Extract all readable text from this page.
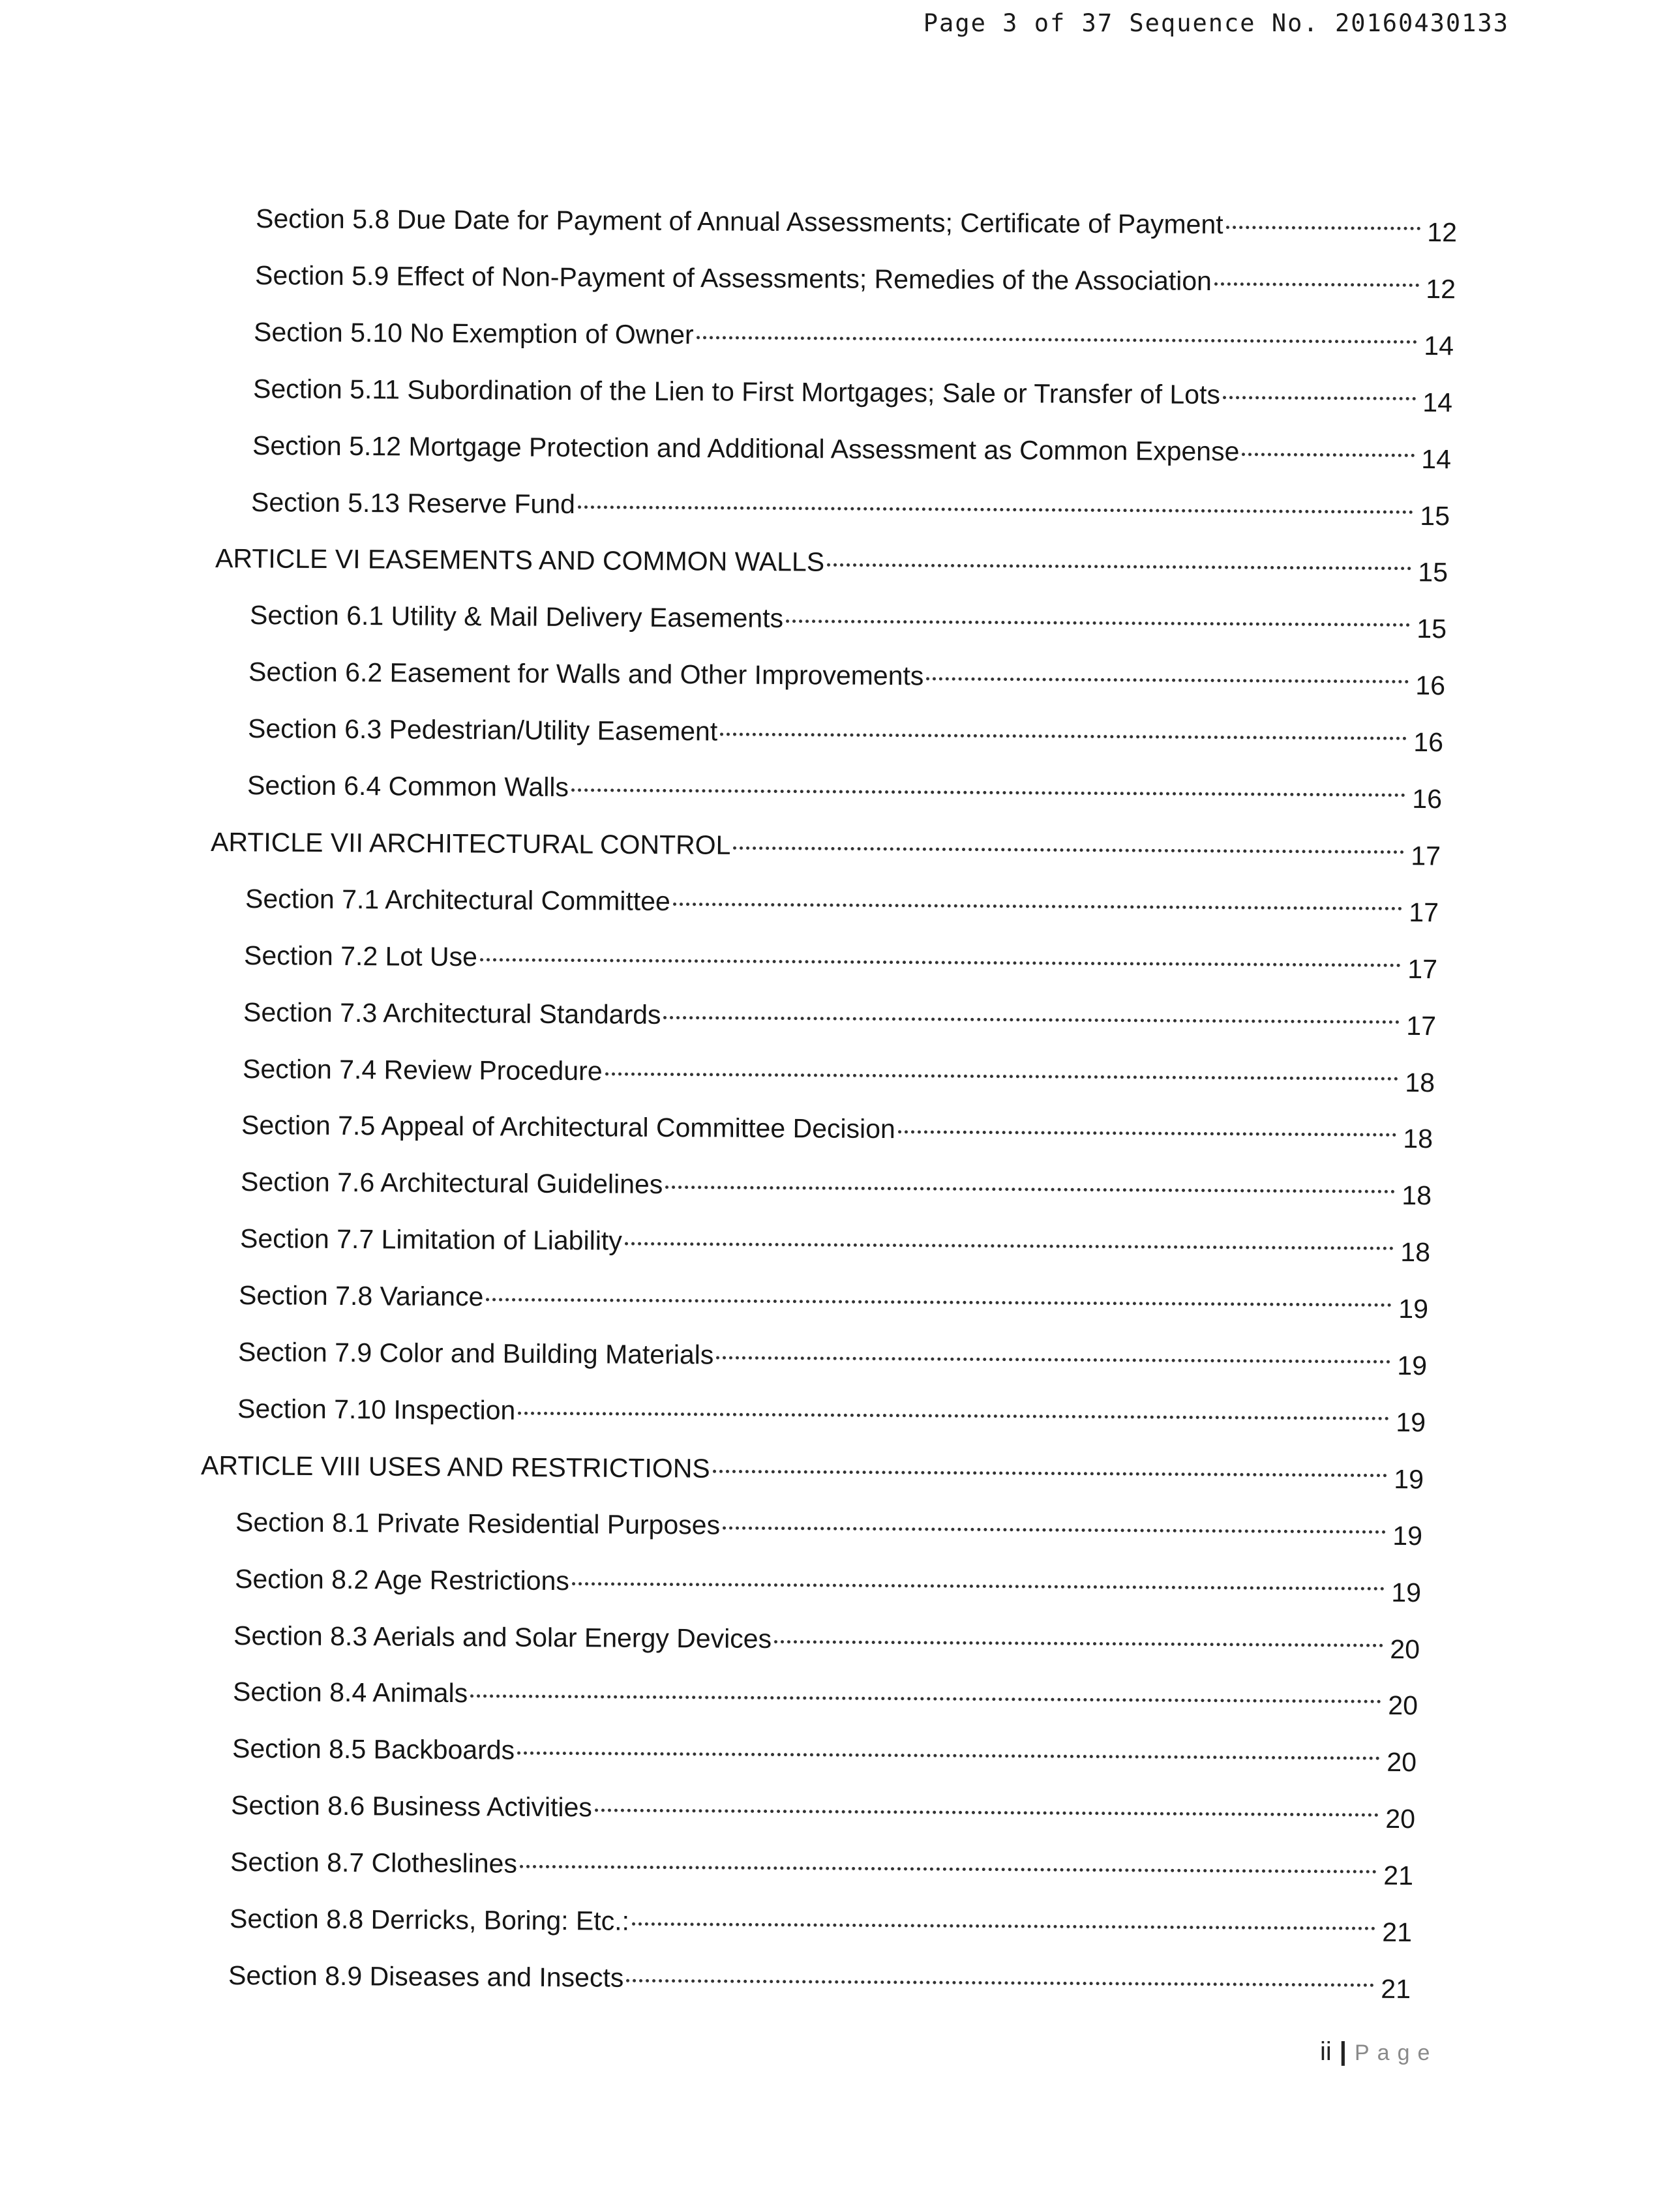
Page 3 of 37 Sequence No. 20160430133
Section 5.8 Due Date for Payment of Annual Assessments; Certificate of Payment	12
Section 5.9 Effect of Non-Payment of Assessments; Remedies of the Association	12
Section 5.10 No Exemption of Owner	14
Section 5.11 Subordination of the Lien to First Mortgages; Sale or Transfer of Lots	14
Section 5.12 Mortgage Protection and Additional Assessment as Common Expense	14
Section 5.13 Reserve Fund	15
ARTICLE VI EASEMENTS AND COMMON WALLS	15
Section 6.1 Utility & Mail Delivery Easements	15
Section 6.2 Easement for Walls and Other Improvements	16
Section 6.3 Pedestrian/Utility Easement	16
Section 6.4 Common Walls	16
ARTICLE VII ARCHITECTURAL CONTROL	17
Section 7.1 Architectural Committee	17
Section 7.2 Lot Use	17
Section 7.3 Architectural Standards	17
Section 7.4 Review Procedure	18
Section 7.5 Appeal of Architectural Committee Decision	18
Section 7.6 Architectural Guidelines	18
Section 7.7 Limitation of Liability	18
Section 7.8 Variance	19
Section 7.9 Color and Building Materials	19
Section 7.10 Inspection	19
ARTICLE VIII USES AND RESTRICTIONS	19
Section 8.1 Private Residential Purposes	19
Section 8.2 Age Restrictions	19
Section 8.3 Aerials and Solar Energy Devices	20
Section 8.4 Animals	20
Section 8.5 Backboards	20
Section 8.6 Business Activities	20
Section 8.7 Clotheslines	21
Section 8.8 Derricks, Boring: Etc.:	21
Section 8.9 Diseases and Insects	21
ii | Page
